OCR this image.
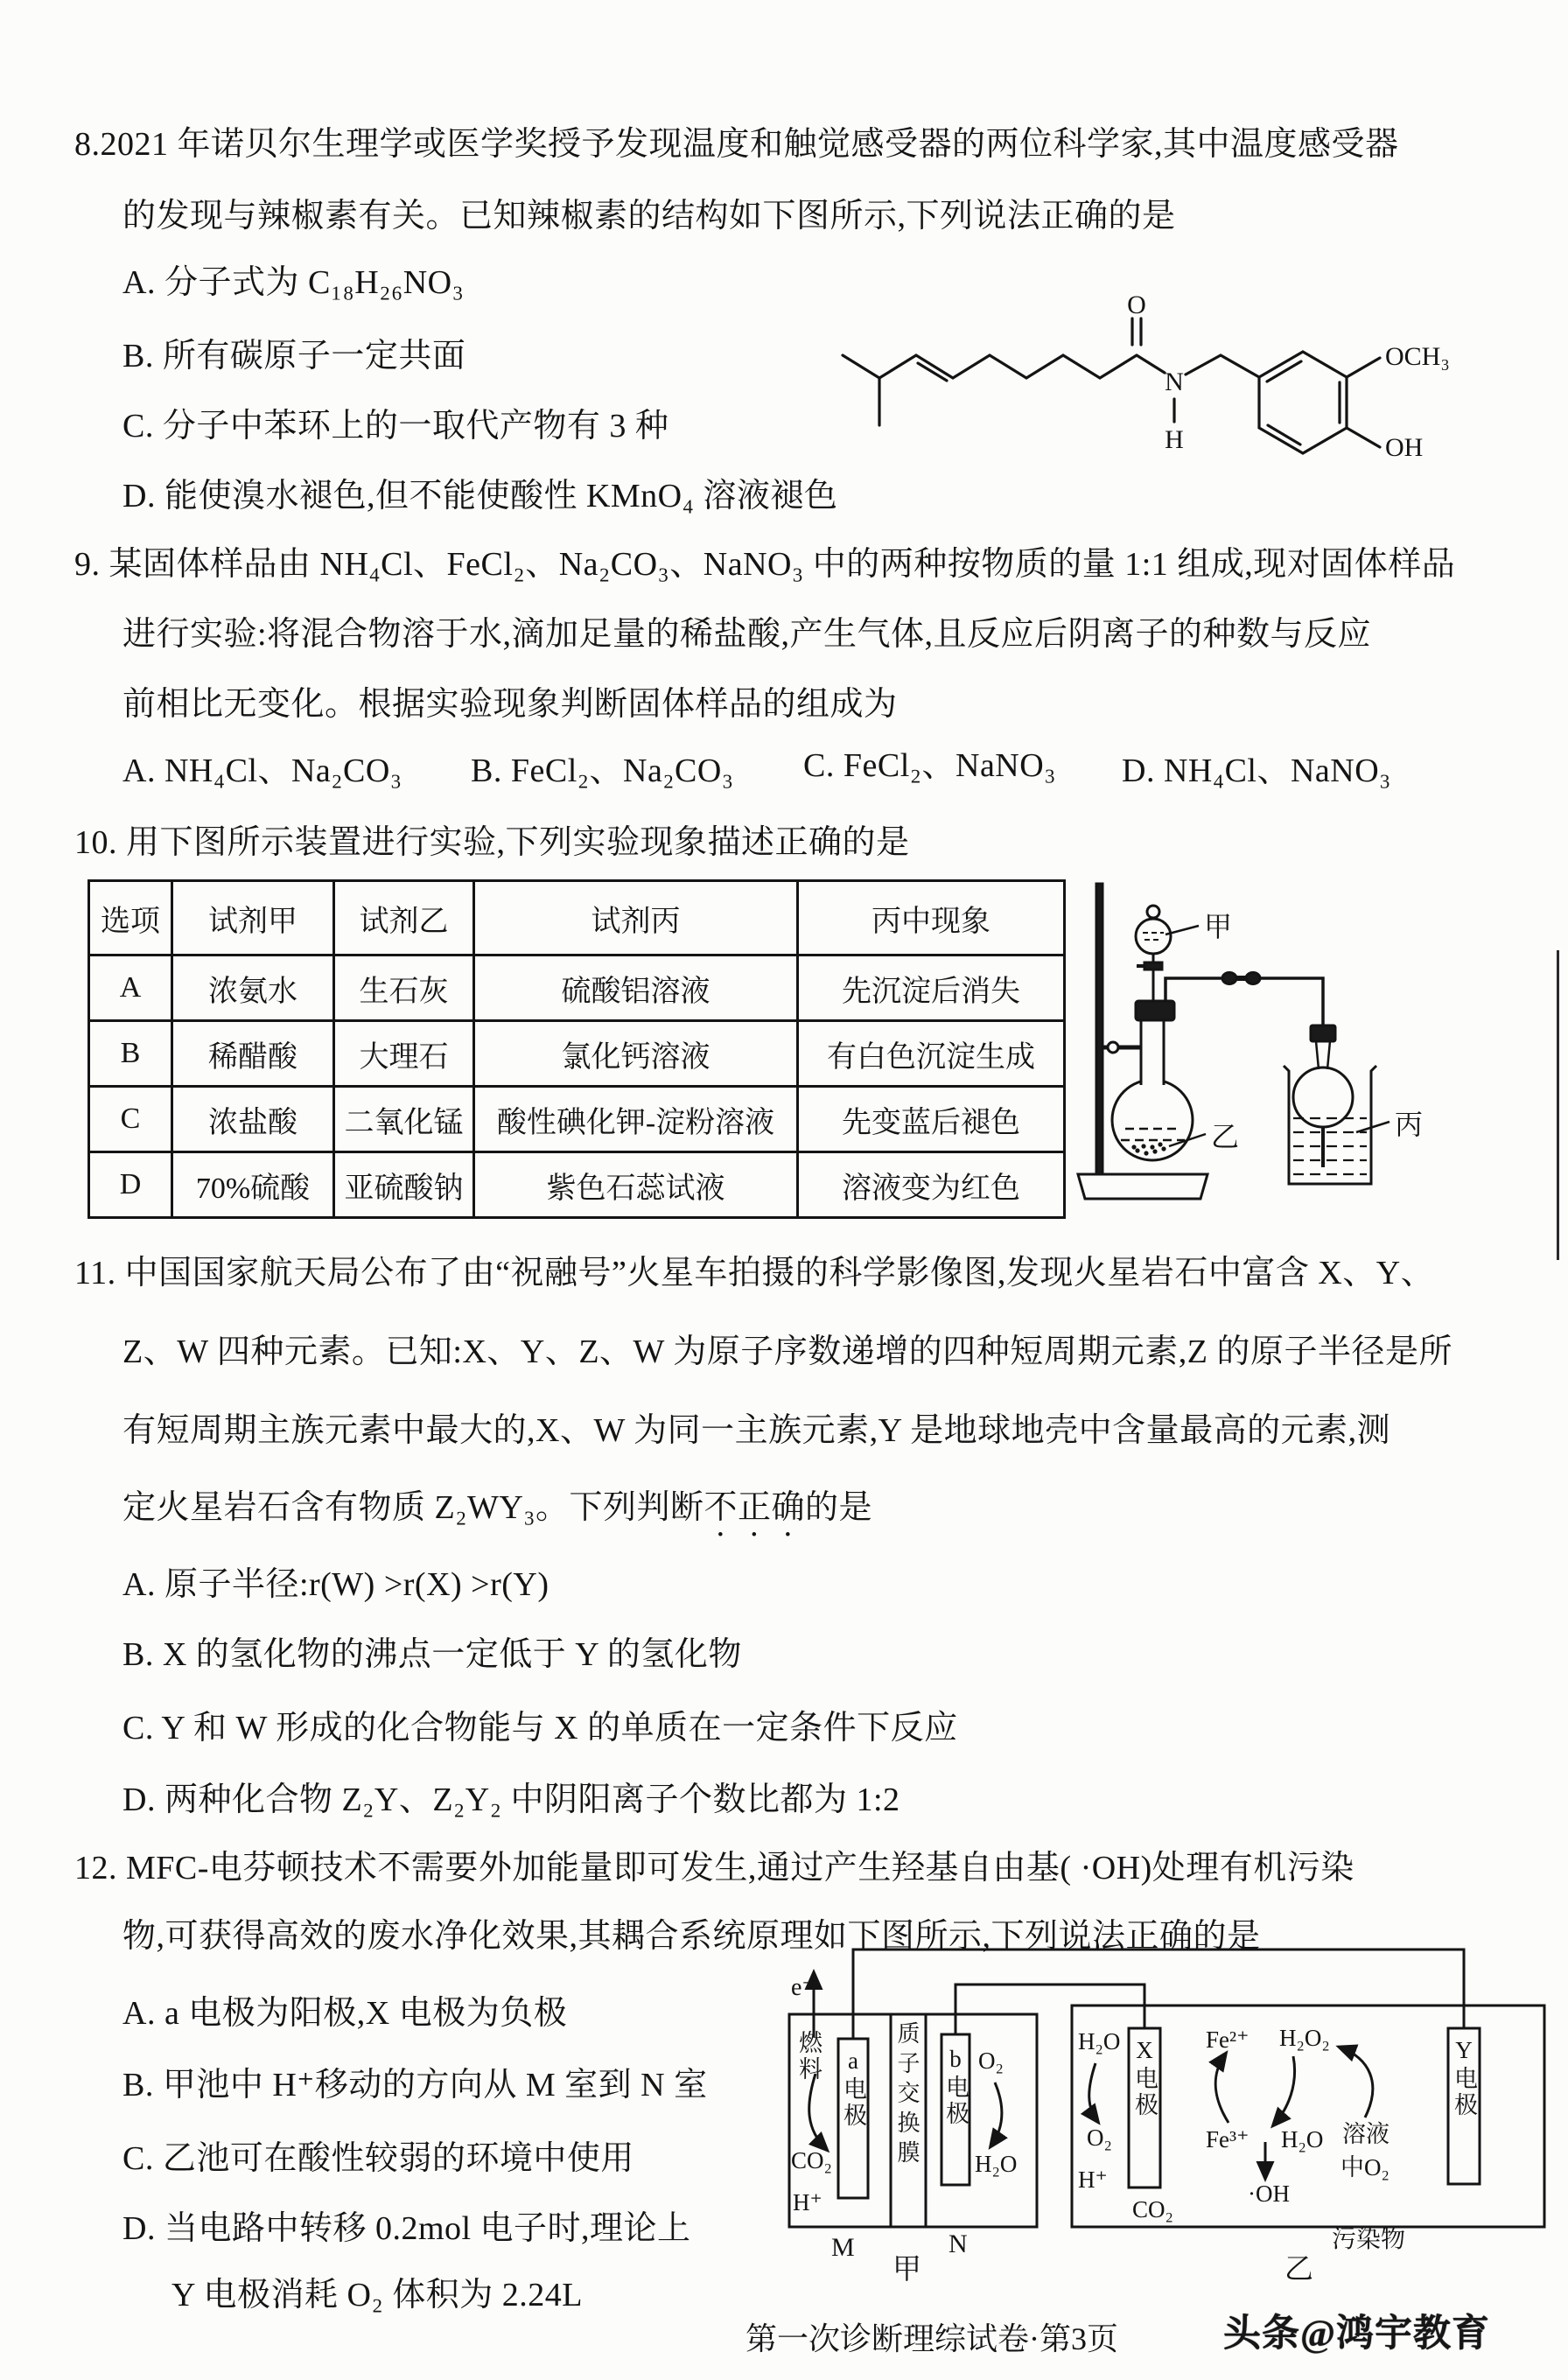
8.2021 年诺贝尔生理学或医学奖授予发现温度和触觉感受器的两位科学家,其中温度感受器
的发现与辣椒素有关。已知辣椒素的结构如下图所示,下列说法正确的是
A. 分子式为 C₁₈H₂₆NO₃
B. 所有碳原子一定共面
C. 分子中苯环上的一取代产物有 3 种
D. 能使溴水褪色,但不能使酸性 KMnO₄ 溶液褪色
O
N
H
OCH₃
OH
9. 某固体样品由 NH₄Cl、FeCl₂、Na₂CO₃、NaNO₃ 中的两种按物质的量 1:1 组成,现对固体样品
进行实验:将混合物溶于水,滴加足量的稀盐酸,产生气体,且反应后阴离子的种数与反应
前相比无变化。根据实验现象判断固体样品的组成为
A. NH₄Cl、Na₂CO₃ B. FeCl₂、Na₂CO₃ C. FeCl₂、NaNO₃ D. NH₄Cl、NaNO₃
10. 用下图所示装置进行实验,下列实验现象描述正确的是
选项	试剂甲	试剂乙	试剂丙	丙中现象
A	浓氨水	生石灰	硫酸铝溶液	先沉淀后消失
B	稀醋酸	大理石	氯化钙溶液	有白色沉淀生成
C	浓盐酸	二氧化锰	酸性碘化钾-淀粉溶液	先变蓝后褪色
D	70%硫酸	亚硫酸钠	紫色石蕊试液	溶液变为红色
甲
乙	丙
11. 中国国家航天局公布了由“祝融号”火星车拍摄的科学影像图,发现火星岩石中富含 X、Y、
Z、W 四种元素。已知:X、Y、Z、W 为原子序数递增的四种短周期元素,Z 的原子半径是所
有短周期主族元素中最大的,X、W 为同一主族元素,Y 是地球地壳中含量最高的元素,测
定火星岩石含有物质 Z₂WY₃。下列判断不正确的是
A. 原子半径:r(W) >r(X) >r(Y)
B. X 的氢化物的沸点一定低于 Y 的氢化物
C. Y 和 W 形成的化合物能与 X 的单质在一定条件下反应
D. 两种化合物 Z₂Y、Z₂Y₂ 中阴阳离子个数比都为 1:2
12. MFC-电芬顿技术不需要外加能量即可发生,通过产生羟基自由基( ·OH)处理有机污染
物,可获得高效的废水净化效果,其耦合系统原理如下图所示,下列说法正确的是
A. a 电极为阳极,X 电极为负极
B. 甲池中 H⁺移动的方向从 M 室到 N 室
C. 乙池可在酸性较弱的环境中使用
D. 当电路中转移 0.2mol 电子时,理论上
Y 电极消耗 O₂ 体积为 2.24L
e⁻
燃料 a电极 质子交换膜 b电极 O₂
H₂O
CO₂
H⁺
M	N
甲
H₂O
O₂
H⁺
CO₂
X电极 Fe²⁺ H₂O₂
Fe³⁺ H₂O
·OH
溶液
中O₂
Y电极
污染物
乙
第一次诊断理综试卷·第3页	头条@鸿宇教育
